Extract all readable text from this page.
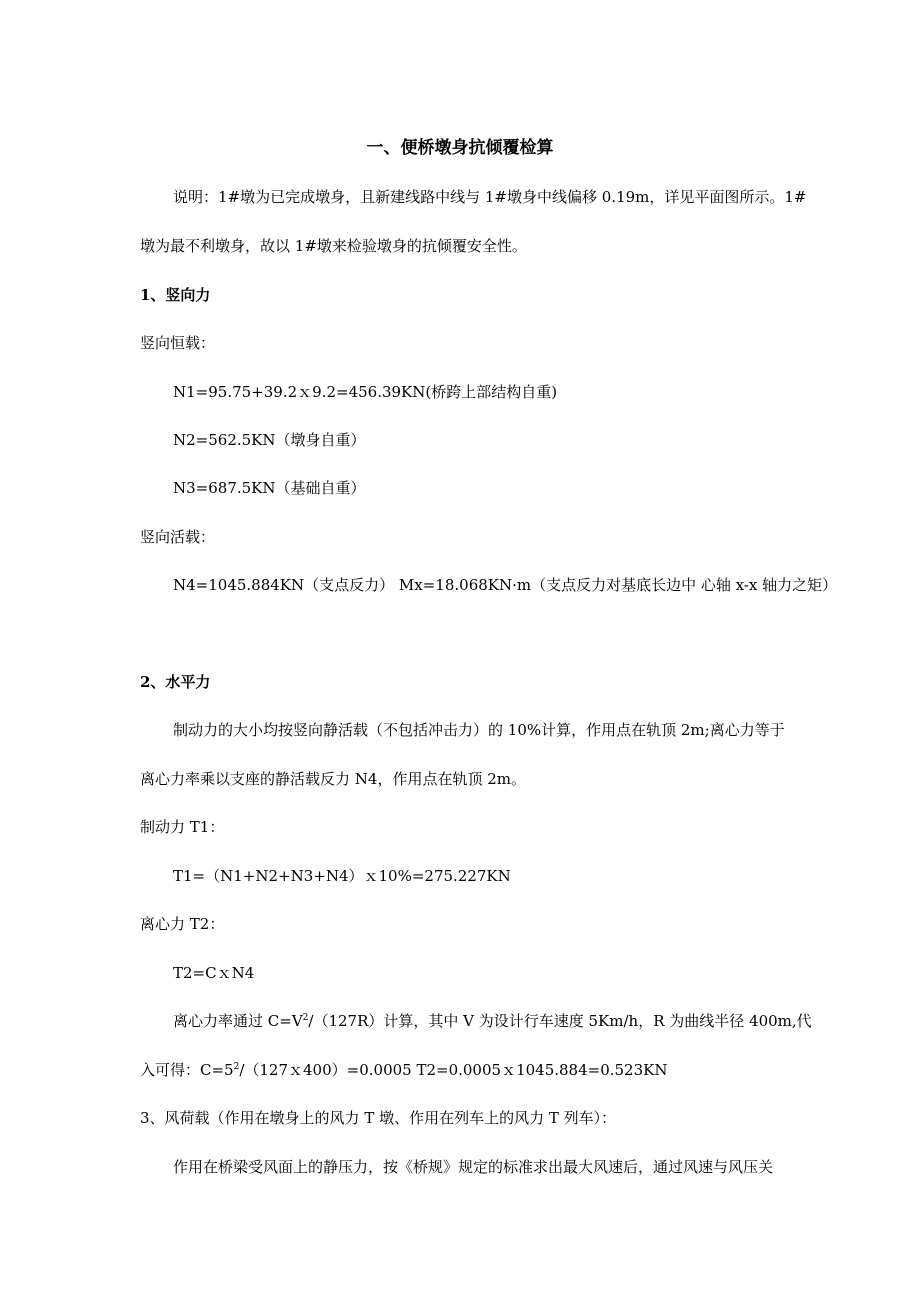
一、便桥墩身抗倾覆检算
说明：1#墩为已完成墩身，且新建线路中线与 1#墩身中线偏移 0.19m，详见平面图所示。1#
墩为最不利墩身，故以 1#墩来检验墩身的抗倾覆安全性。
1、竖向力
竖向恒载：
N1=95.75+39.2ｘ9.2=456.39KN(桥跨上部结构自重)
N2=562.5KN（墩身自重）
N3=687.5KN（基础自重）
竖向活载：
N4=1045.884KN（支点反力） Mx=18.068KN·m（支点反力对基底长边中 心轴 x-x 轴力之矩）
2、水平力
制动力的大小均按竖向静活载（不包括冲击力）的 10%计算，作用点在轨顶 2m;离心力等于
离心力率乘以支座的静活载反力 N4，作用点在轨顶 2m。
制动力 T1：
T1=（N1+N2+N3+N4）ｘ10%=275.227KN
离心力 T2：
T2=CｘN4
离心力率通过 $C=V^2/(127R)$计算，其中 V 为设计行车速度 5Km/h，R 为曲线半径 400m,代
入可得：$C=5^2/(127x400)=0.0005$ T2=0.0005ｘ1045.884=0.523KN
3、风荷载（作用在墩身上的风力 T 墩、作用在列车上的风力 T 列车）：
作用在桥梁受风面上的静压力，按《桥规》规定的标准求出最大风速后，通过风速与风压关
